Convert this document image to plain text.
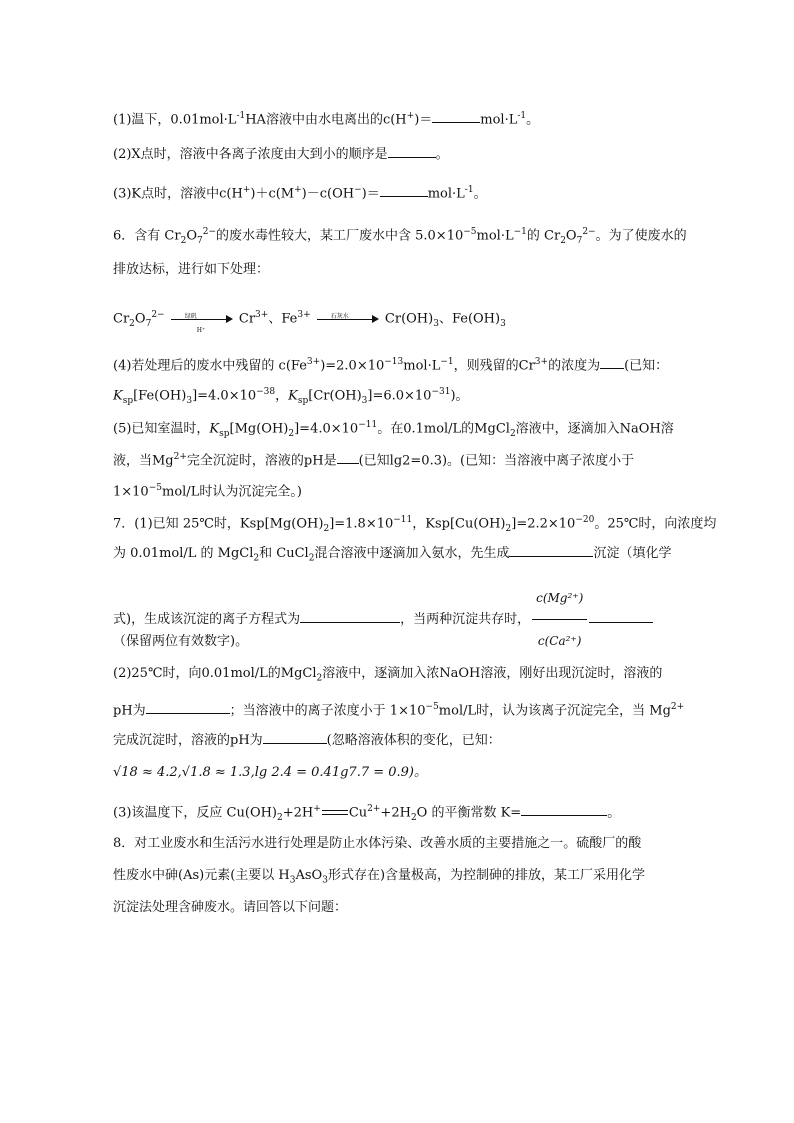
(1)温下，$0.01mol\cdot L^{-1}HA$溶液中由水电离出的c(H+)＝	$mol\cdot L^{-1}$。
(2)X点时，溶液中各离子浓度由大到小的顺序是	。
(3)K点时，溶液中c(H+)＋c(M+)－c(OH−)＝	$mol\cdot L^{-1}$。
6．含有 $Cr_2O_7^{2-}$的废水毒性较大，某工厂废水中含 $5.0\times 10^{-5}mol\cdot L^{-1}$的 $Cr_2O_7^{2-}$。为了使废水的
排放达标，进行如下处理：
$Cr_2O_7^{2-}$	绿矾
H⁺
$Cr^{3+}$、$Fe^{3+}$	石灰水	$Cr(OH)_3$、$Fe(OH)_3$
(4)若处理后的废水中残留的 $c(Fe^{3+})=2.0\times 10^{-13}mol\cdot L^{-1}$，则残留的$Cr^{3+}$的浓度为 (已知：
$K_{sp}[Fe(OH)_3]=4.0\times 10^{-38}$，$K_{sp}[Cr(OH)_3]=6.0\times 10^{-31}$)。
(5)已知室温时，$K_{sp}[Mg(OH)_2]=4.0\times 10^{-11}$。在0.1mol/L的MgCl$_2$溶液中，逐滴加入NaOH溶
液，当$Mg^{2+}$完全沉淀时，溶液的pH是 (已知lg2=0.3)。(已知：当溶液中离子浓度小于
$1\times 10^{-5}mol/L$时认为沉淀完全。)
7．(1)已知 25℃时，$Ksp[Mg(OH)_2]=1.8\times 10^{-11}$，$Ksp[Cu(OH)_2]=2.2\times 10^{-20}$。25℃时，向浓度均
为 0.01mol/L 的 MgCl$_2$和 CuCl$_2$混合溶液中逐滴加入氨水，先生成	沉淀（填化学
式)，生成该沉淀的离子方程式为	，当两种沉淀共存时， $\frac{\text{c(Mg²⁺)}}{\text{c(Ca²⁺)}}$
（保留两位有效数字)。
(2)25℃时，向0.01mol/L的MgCl$_2$溶液中，逐滴加入浓NaOH溶液，刚好出现沉淀时，溶液的
pH为	；当溶液中的离子浓度小于 $1\times 10^{-5}mol/L$时，认为该离子沉淀完全，当 $Mg^{2+}$
完成沉淀时，溶液的pH为	(忽略溶液体积的变化，已知：
√18 ≈ 4.2,√1.8 ≈ 1.3,lg 2.4 = 0.41g7.7 = 0.9)。
(3)该温度下，反应 $Cu(OH)_2+2H^+$ $Cu^{2+}+2H_2O$ 的平衡常数 K=	。
8．对工业废水和生活污水进行处理是防止水体污染、改善水质的主要措施之一。硫酸厂的酸
性废水中砷(As)元素(主要以 $H_3AsO_3$形式存在)含量极高，为控制砷的排放，某工厂采用化学
沉淀法处理含砷废水。请回答以下问题：
